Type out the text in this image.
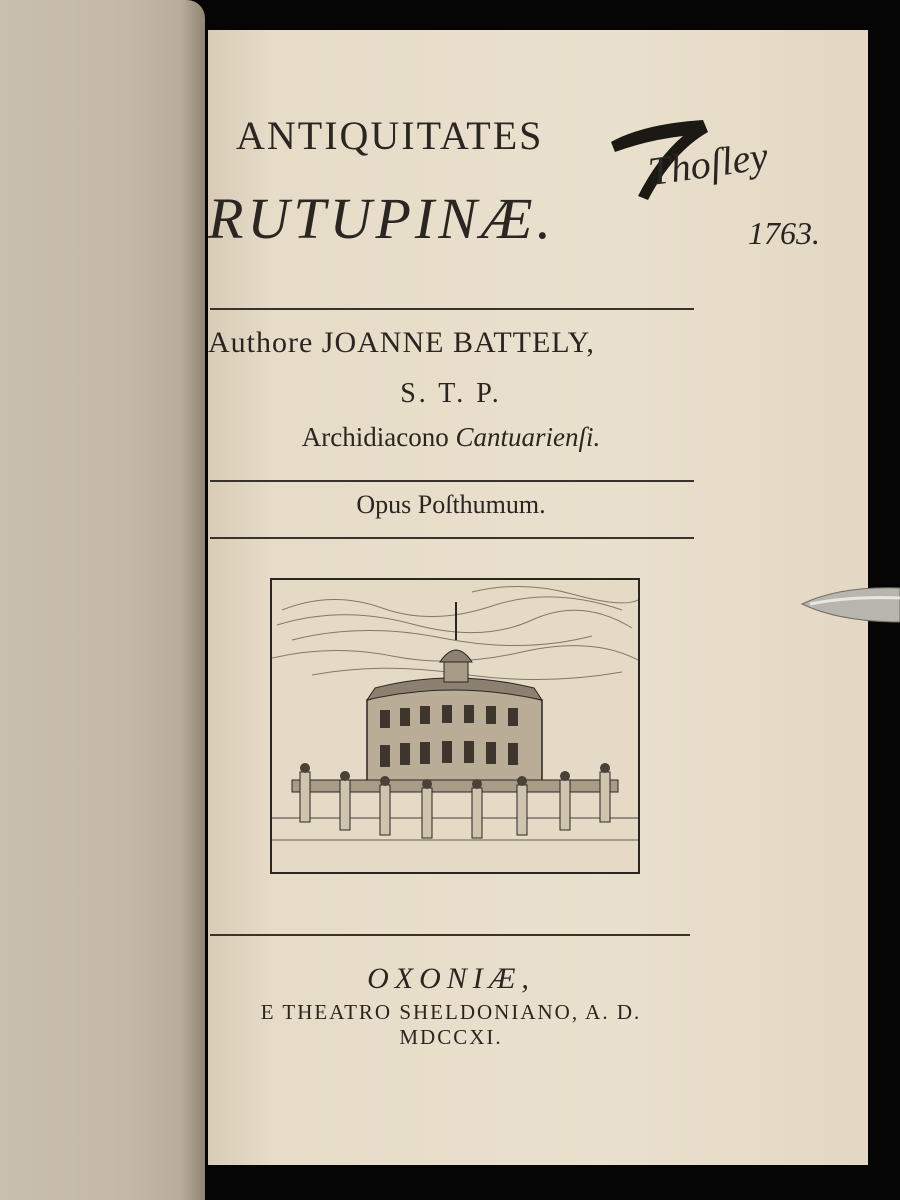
ANTIQUITATES
RUTUPINÆ.
Thoſley
1763.
Authore JOANNE BATTELY,
S. T. P.
Archidiacono Cantuarienſi.
Opus Poſthumum.
OXONIÆ,
E THEATRO SHELDONIANO, A. D. MDCCXI.
